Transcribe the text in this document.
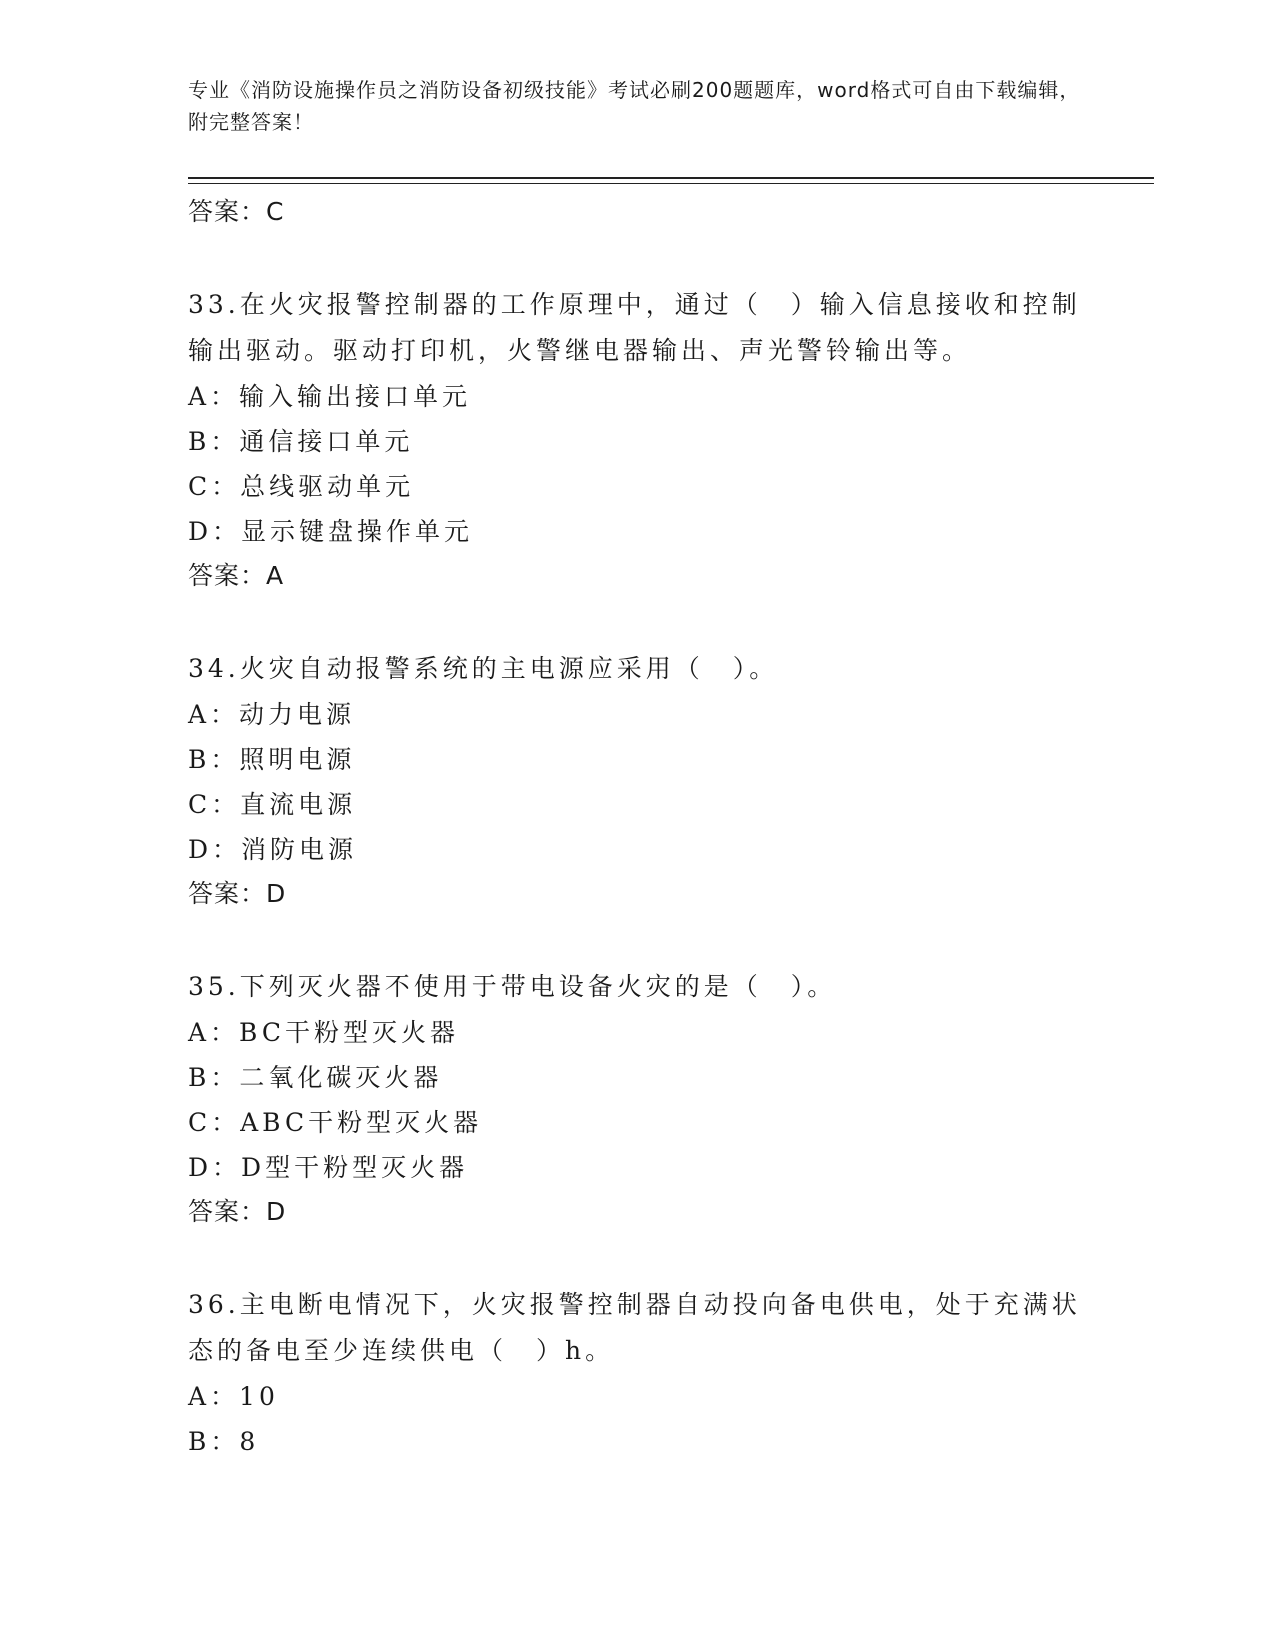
专业《消防设施操作员之消防设备初级技能》考试必刷200题题库，word格式可自由下载编辑，附完整答案！
答案：C
33.在火灾报警控制器的工作原理中，通过（　）输入信息接收和控制输出驱动。驱动打印机，火警继电器输出、声光警铃输出等。
A：输入输出接口单元
B：通信接口单元
C：总线驱动单元
D：显示键盘操作单元
答案：A
34.火灾自动报警系统的主电源应采用（　）。
A：动力电源
B：照明电源
C：直流电源
D：消防电源
答案：D
35.下列灭火器不使用于带电设备火灾的是（　）。
A：BC干粉型灭火器
B：二氧化碳灭火器
C：ABC干粉型灭火器
D：D型干粉型灭火器
答案：D
36.主电断电情况下，火灾报警控制器自动投向备电供电，处于充满状态的备电至少连续供电（　）h。
A：10
B：8
